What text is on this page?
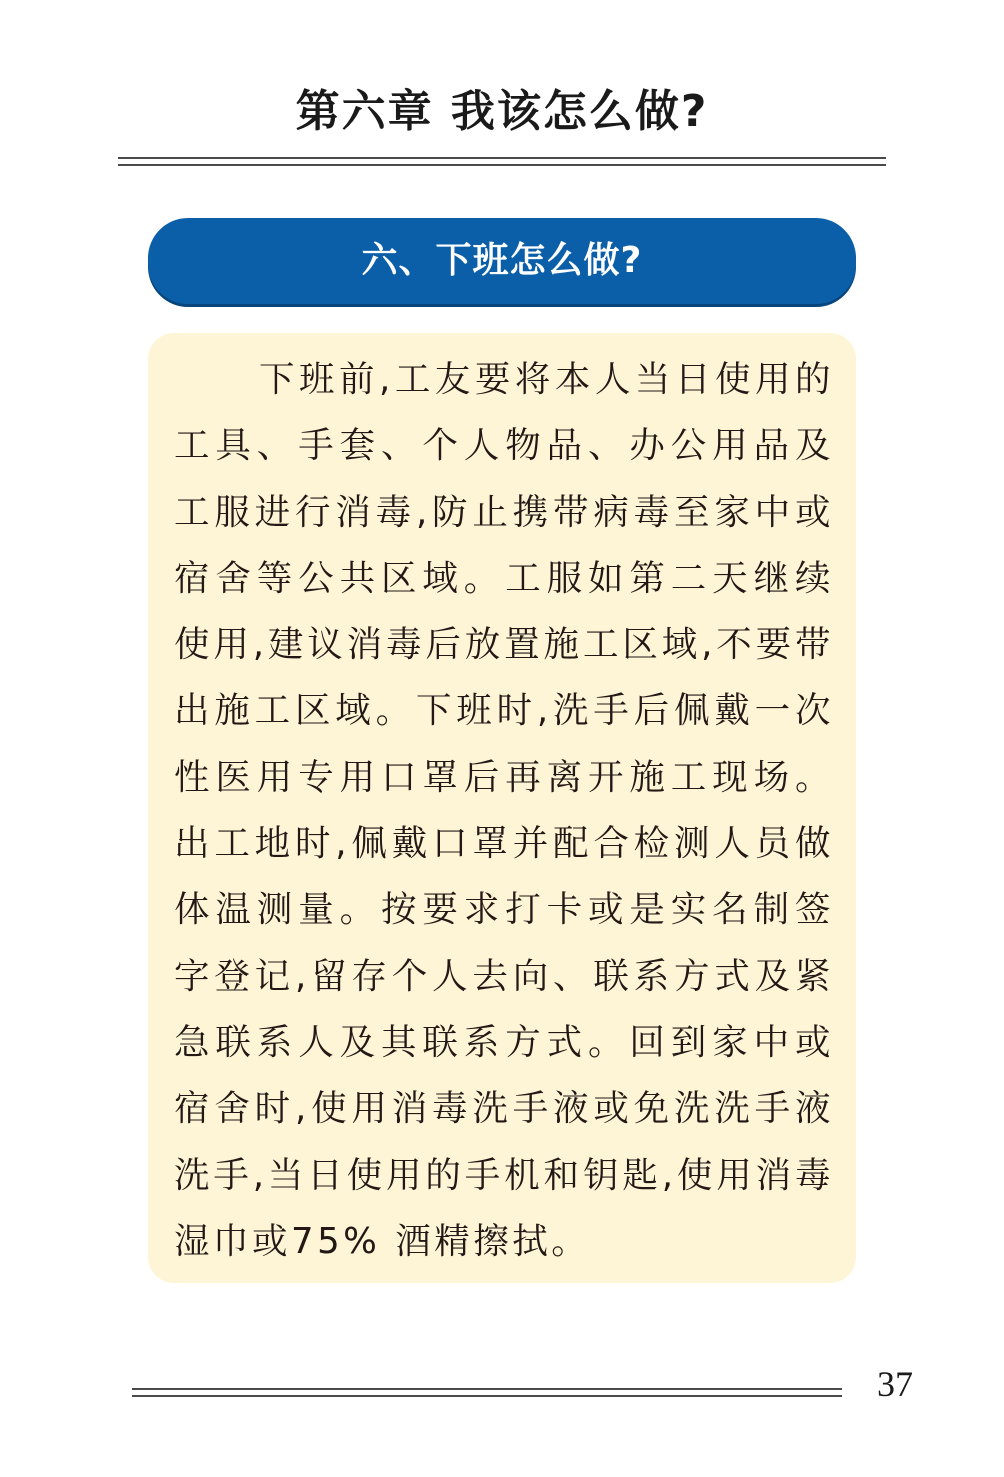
第六章 我该怎么做?
六、下班怎么做?

下班前,工友要将本人当日使用的工具、手套、个人物品、办公用品及工服进行消毒,防止携带病毒至家中或宿舍等公共区域。工服如第二天继续使用,建议消毒后放置施工区域,不要带出施工区域。下班时,洗手后佩戴一次性医用专用口罩后再离开施工现场。出工地时,佩戴口罩并配合检测人员做体温测量。按要求打卡或是实名制签字登记,留存个人去向、联系方式及紧急联系人及其联系方式。回到家中或宿舍时,使用消毒洗手液或免洗洗手液洗手,当日使用的手机和钥匙,使用消毒湿巾或75% 酒精擦拭。

37
